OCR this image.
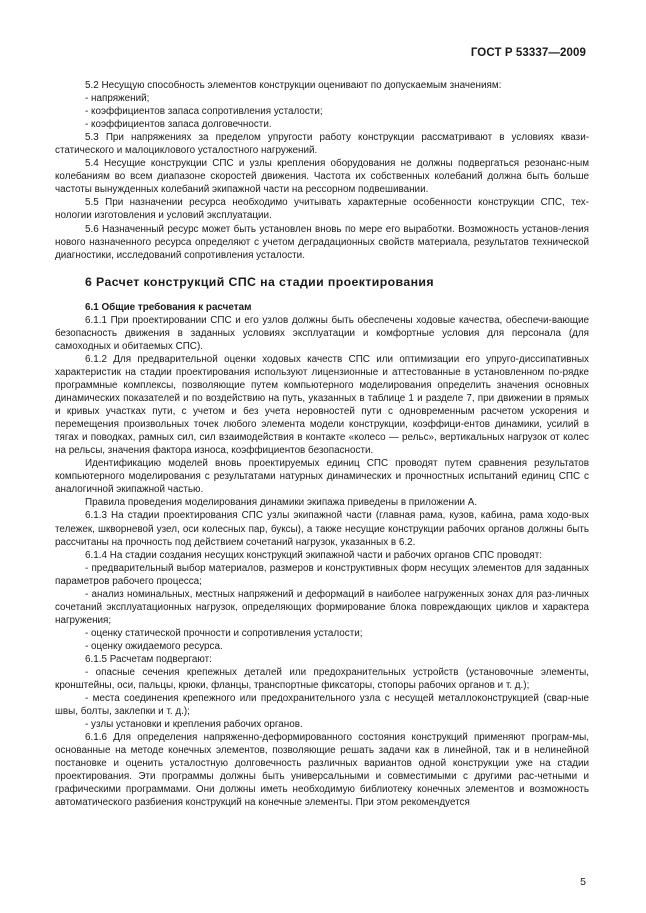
ГОСТ Р 53337—2009

5.2 Несущую способность элементов конструкции оценивают по допускаемым значениям:

- напряжений;

- коэффициентов запаса сопротивления усталости;

- коэффициентов запаса долговечности.

5.3 При напряжениях за пределом упругости работу конструкции рассматривают в условиях квази-статического и малоциклового усталостного нагружений.

5.4 Несущие конструкции СПС и узлы крепления оборудования не должны подвергаться резонанс-ным колебаниям во всем диапазоне скоростей движения. Частота их собственных колебаний должна быть больше частоты вынужденных колебаний экипажной части на рессорном подвешивании.

5.5 При назначении ресурса необходимо учитывать характерные особенности конструкции СПС, тех-нологии изготовления и условий эксплуатации.

5.6 Назначенный ресурс может быть установлен вновь по мере его выработки. Возможность установ-ления нового назначенного ресурса определяют с учетом деградационных свойств материала, результатов технической диагностики, исследований сопротивления усталости.

6 Расчет конструкций СПС на стадии проектирования

6.1 Общие требования к расчетам

6.1.1 При проектировании СПС и его узлов должны быть обеспечены ходовые качества, обеспечи-вающие безопасность движения в заданных условиях эксплуатации и комфортные условия для персонала (для самоходных и обитаемых СПС).

6.1.2 Для предварительной оценки ходовых качеств СПС или оптимизации его упруго-диссипативных характеристик на стадии проектирования используют лицензионные и аттестованные в установленном по-рядке программные комплексы, позволяющие путем компьютерного моделирования определить значения основных динамических показателей и по воздействию на путь, указанных в таблице 1 и разделе 7, при движении в прямых и кривых участках пути, с учетом и без учета неровностей пути с одновременным расчетом ускорения и перемещения произвольных точек любого элемента модели конструкции, коэффици-ентов динамики, усилий в тягах и поводках, рамных сил, сил взаимодействия в контакте «колесо — рельс», вертикальных нагрузок от колес на рельсы, значения фактора износа, коэффициентов безопасности.

Идентификацию моделей вновь проектируемых единиц СПС проводят путем сравнения результатов компьютерного моделирования с результатами натурных динамических и прочностных испытаний единиц СПС с аналогичной экипажной частью.

Правила проведения моделирования динамики экипажа приведены в приложении А.

6.1.3 На стадии проектирования СПС узлы экипажной части (главная рама, кузов, кабина, рама ходо-вых тележек, шкворневой узел, оси колесных пар, буксы), а также несущие конструкции рабочих органов должны быть рассчитаны на прочность под действием сочетаний нагрузок, указанных в 6.2.

6.1.4 На стадии создания несущих конструкций экипажной части и рабочих органов СПС проводят:

- предварительный выбор материалов, размеров и конструктивных форм несущих элементов для заданных параметров рабочего процесса;

- анализ номинальных, местных напряжений и деформаций в наиболее нагруженных зонах для раз-личных сочетаний эксплуатационных нагрузок, определяющих формирование блока повреждающих циклов и характера нагружения;

- оценку статической прочности и сопротивления усталости;

- оценку ожидаемого ресурса.

6.1.5 Расчетам подвергают:

- опасные сечения крепежных деталей или предохранительных устройств (установочные элементы, кронштейны, оси, пальцы, крюки, фланцы, транспортные фиксаторы, стопоры рабочих органов и т. д.);

- места соединения крепежного или предохранительного узла с несущей металлоконструкцией (свар-ные швы, болты, заклепки и т. д.);

- узлы установки и крепления рабочих органов.

6.1.6 Для определения напряженно-деформированного состояния конструкций применяют програм-мы, основанные на методе конечных элементов, позволяющие решать задачи как в линейной, так и в нелинейной постановке и оценить усталостную долговечность различных вариантов одной конструкции уже на стадии проектирования. Эти программы должны быть универсальными и совместимыми с другими рас-четными и графическими программами. Они должны иметь необходимую библиотеку конечных элементов и возможность автоматического разбиения конструкций на конечные элементы. При этом рекомендуется

5
